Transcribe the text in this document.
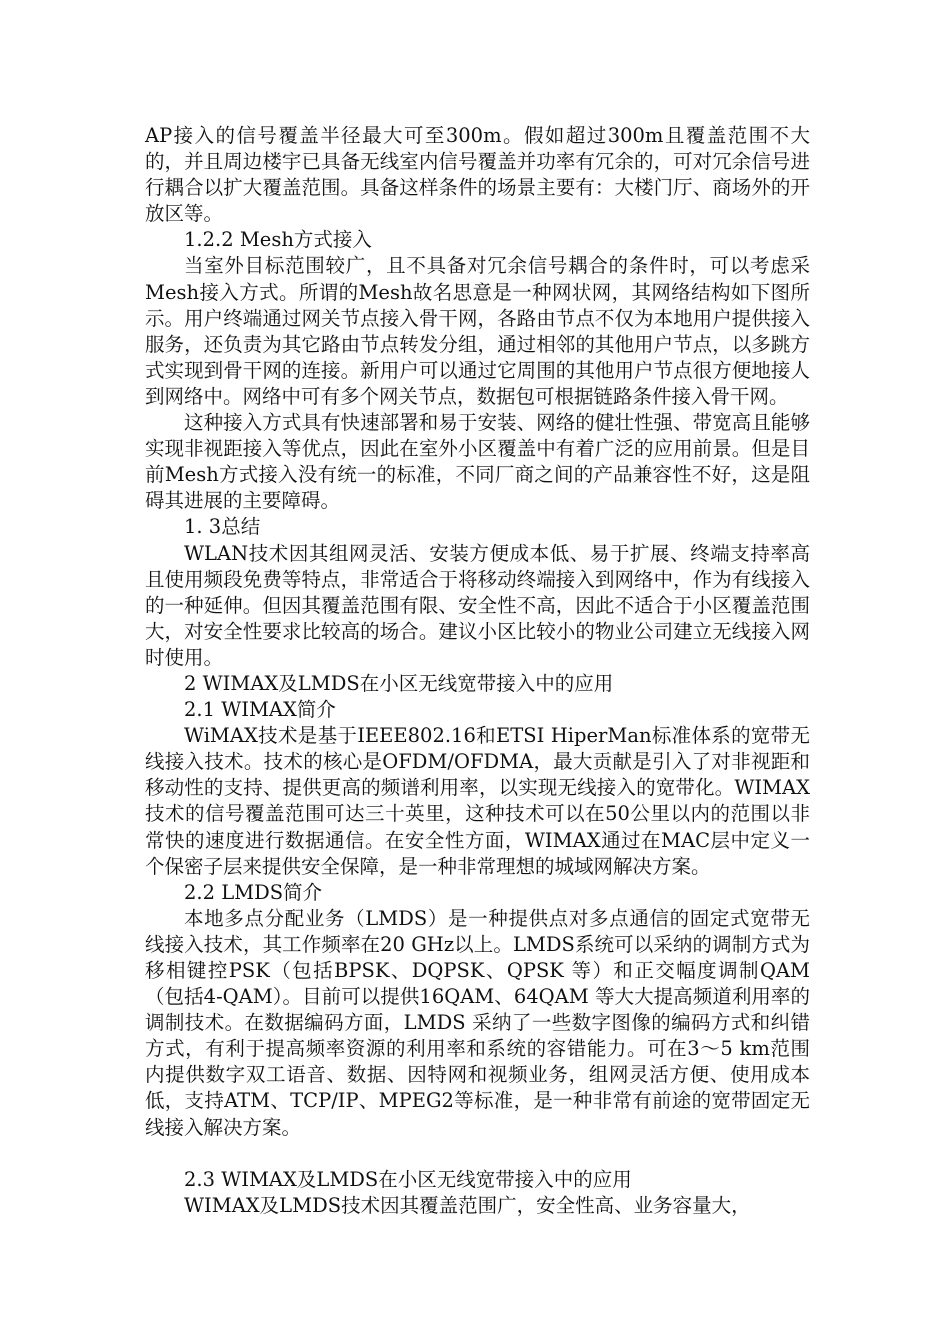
AP接入的信号覆盖半径最大可至300m。假如超过300m且覆盖范围不大的，并且周边楼宇已具备无线室内信号覆盖并功率有冗余的，可对冗余信号进行耦合以扩大覆盖范围。具备这样条件的场景主要有：大楼门厅、商场外的开放区等。

1.2.2 Mesh方式接入

当室外目标范围较广，且不具备对冗余信号耦合的条件时，可以考虑采Mesh接入方式。所谓的Mesh故名思意是一种网状网，其网络结构如下图所示。用户终端通过网关节点接入骨干网，各路由节点不仅为本地用户提供接入服务，还负责为其它路由节点转发分组，通过相邻的其他用户节点，以多跳方式实现到骨干网的连接。新用户可以通过它周围的其他用户节点很方便地接人到网络中。网络中可有多个网关节点，数据包可根据链路条件接入骨干网。

这种接入方式具有快速部署和易于安装、网络的健壮性强、带宽高且能够实现非视距接入等优点，因此在室外小区覆盖中有着广泛的应用前景。但是目前Mesh方式接入没有统一的标准，不同厂商之间的产品兼容性不好，这是阻碍其进展的主要障碍。

1. 3总结

WLAN技术因其组网灵活、安装方便成本低、易于扩展、终端支持率高且使用频段免费等特点，非常适合于将移动终端接入到网络中，作为有线接入的一种延伸。但因其覆盖范围有限、安全性不高，因此不适合于小区覆盖范围大，对安全性要求比较高的场合。建议小区比较小的物业公司建立无线接入网时使用。

2 WIMAX及LMDS在小区无线宽带接入中的应用

2.1 WIMAX简介

WiMAX技术是基于IEEE802.16和ETSI HiperMan标准体系的宽带无线接入技术。技术的核心是OFDM/OFDMA，最大贡献是引入了对非视距和移动性的支持、提供更高的频谱利用率，以实现无线接入的宽带化。WIMAX技术的信号覆盖范围可达三十英里，这种技术可以在50公里以内的范围以非常快的速度进行数据通信。在安全性方面，WIMAX通过在MAC层中定义一个保密子层来提供安全保障，是一种非常理想的城域网解决方案。

2.2 LMDS简介

本地多点分配业务（LMDS）是一种提供点对多点通信的固定式宽带无线接入技术，其工作频率在20 GHz以上。LMDS系统可以采纳的调制方式为移相键控PSK（包括BPSK、DQPSK、QPSK 等）和正交幅度调制QAM（包括4-QAM）。目前可以提供16QAM、64QAM 等大大提高频道利用率的调制技术。在数据编码方面，LMDS 采纳了一些数字图像的编码方式和纠错方式，有利于提高频率资源的利用率和系统的容错能力。可在3～5 km范围内提供数字双工语音、数据、因特网和视频业务，组网灵活方便、使用成本低，支持ATM、TCP/IP、MPEG2等标准，是一种非常有前途的宽带固定无线接入解决方案。

2.3 WIMAX及LMDS在小区无线宽带接入中的应用

WIMAX及LMDS技术因其覆盖范围广，安全性高、业务容量大，
